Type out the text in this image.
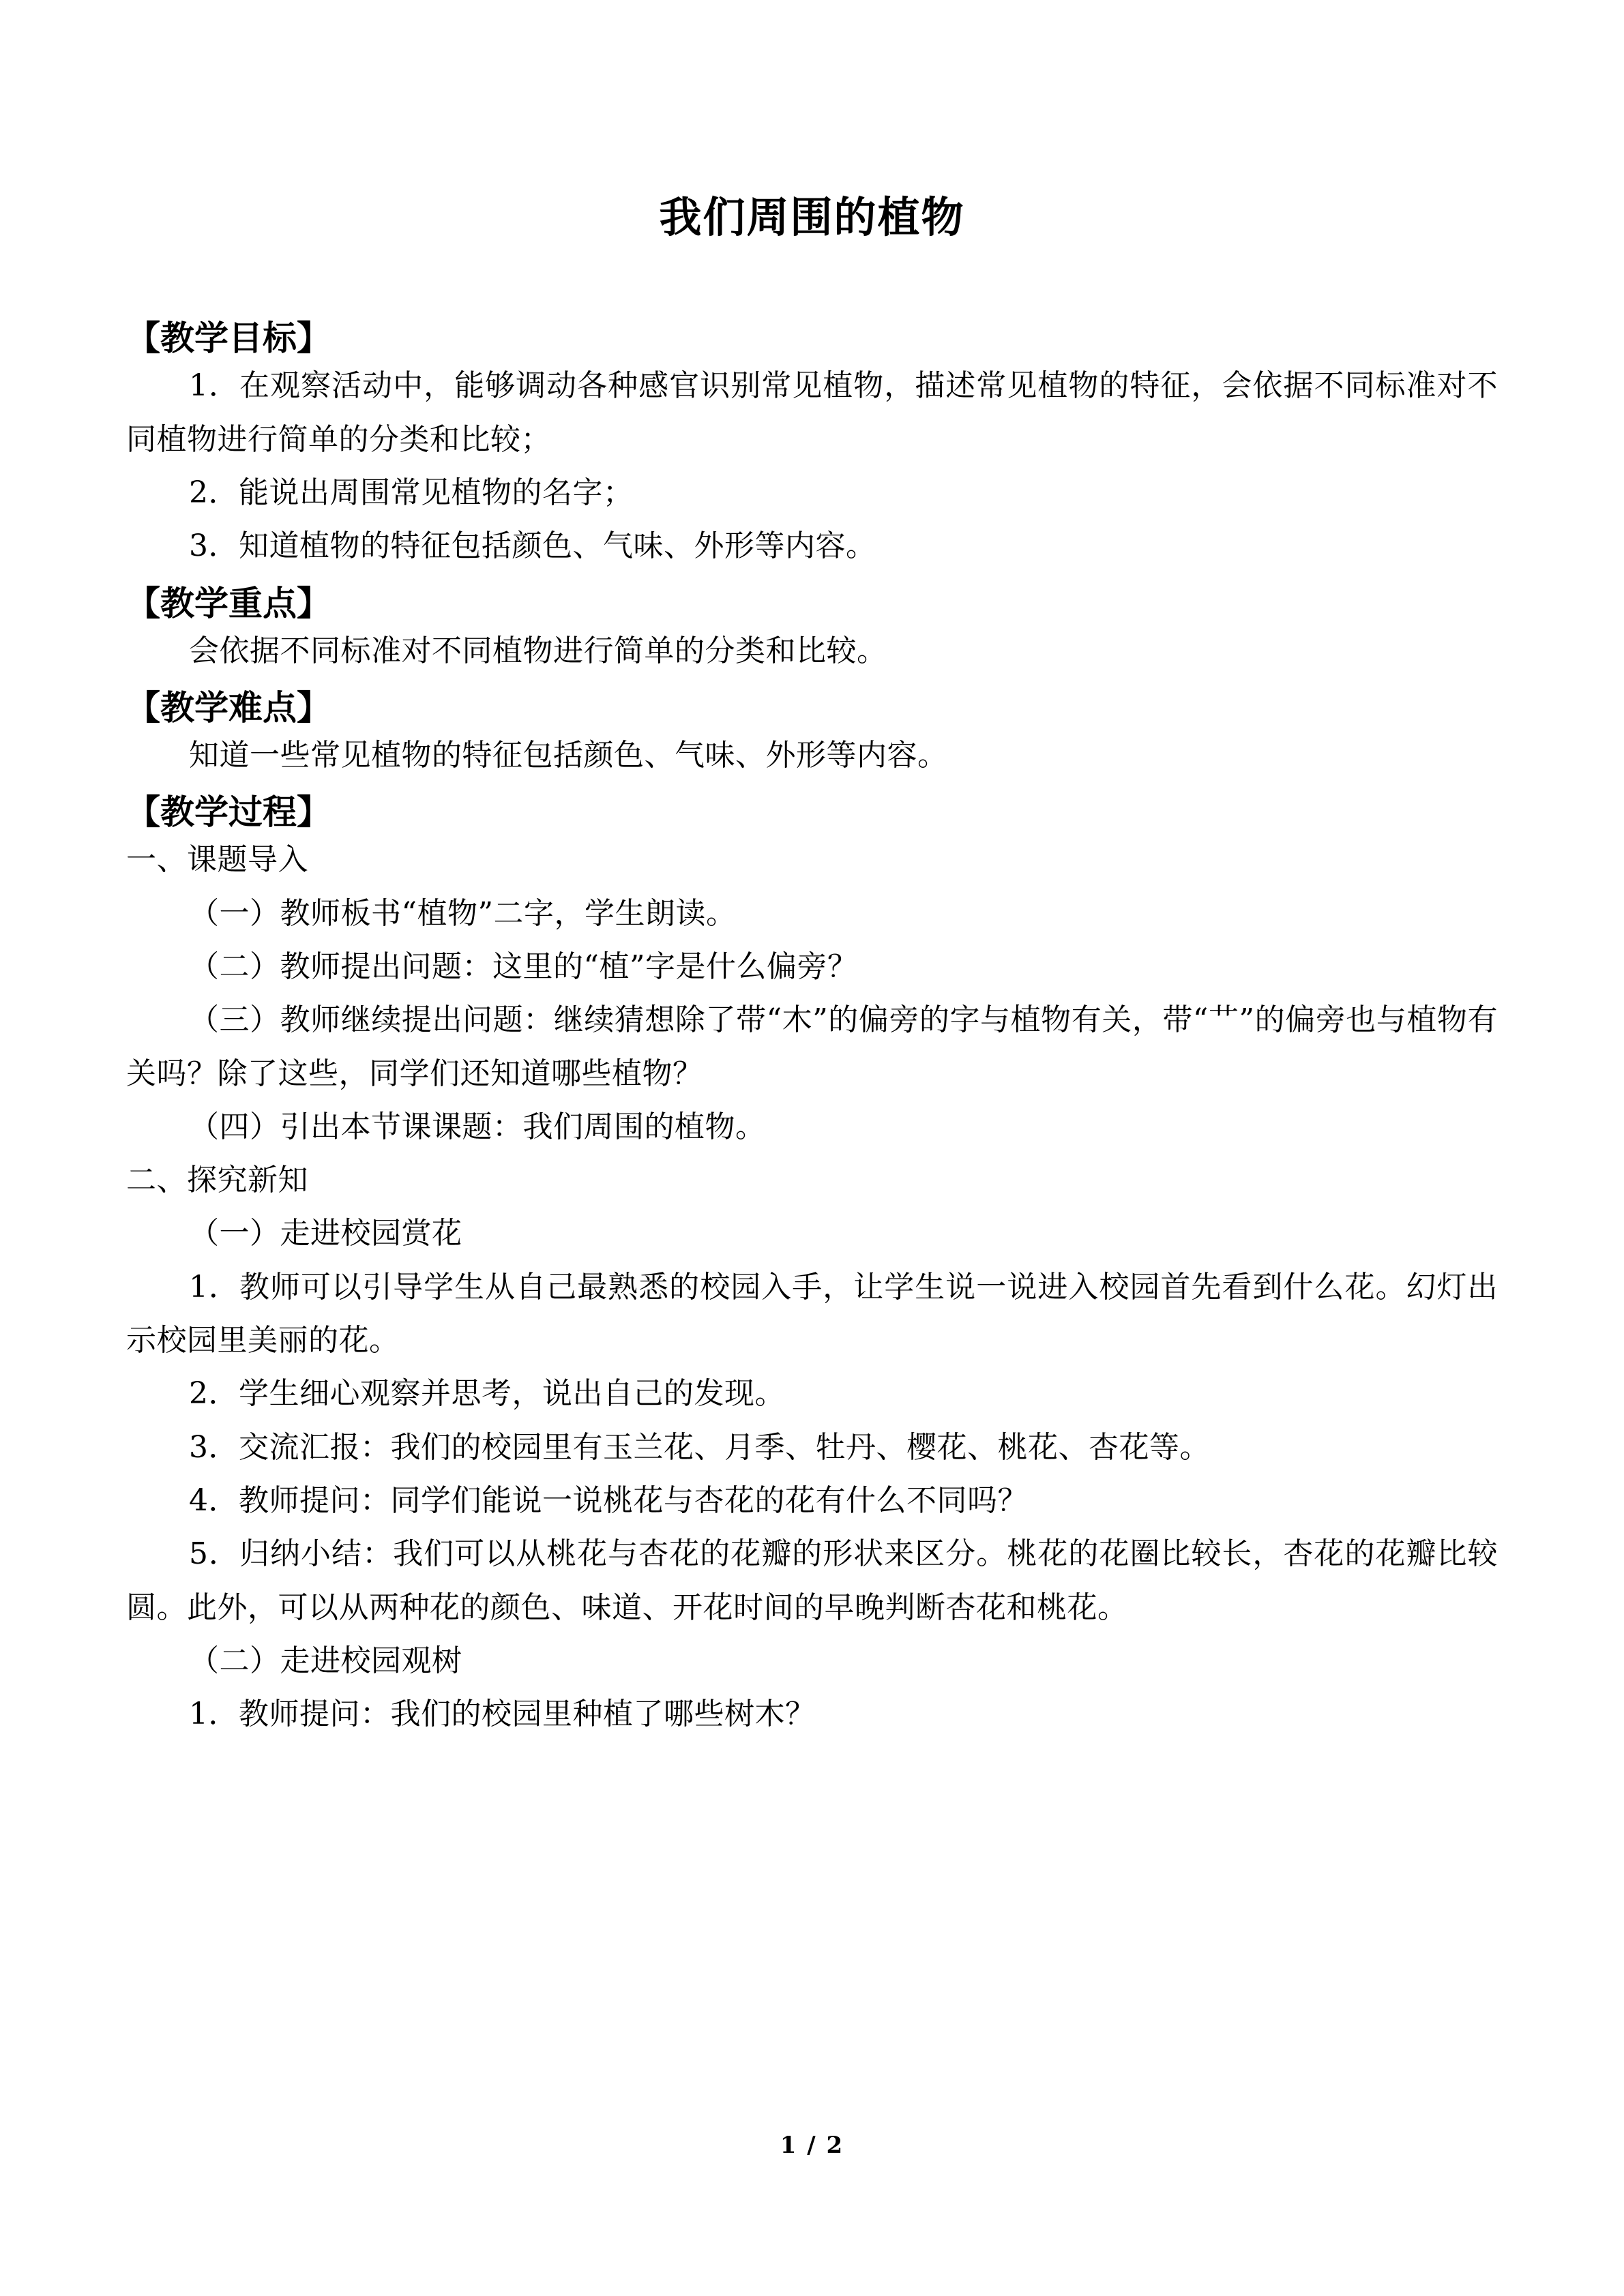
我们周围的植物
【教学目标】

1．在观察活动中，能够调动各种感官识别常见植物，描述常见植物的特征，会依据不同标准对不同植物进行简单的分类和比较；

2．能说出周围常见植物的名字；

3．知道植物的特征包括颜色、气味、外形等内容。

【教学重点】

会依据不同标准对不同植物进行简单的分类和比较。

【教学难点】

知道一些常见植物的特征包括颜色、气味、外形等内容。

【教学过程】

一、课题导入

（一）教师板书“植物”二字，学生朗读。

（二）教师提出问题：这里的“植”字是什么偏旁？

（三）教师继续提出问题：继续猜想除了带“木”的偏旁的字与植物有关，带“艹”的偏旁也与植物有关吗？除了这些，同学们还知道哪些植物？

（四）引出本节课课题：我们周围的植物。

二、探究新知

（一）走进校园赏花

1．教师可以引导学生从自己最熟悉的校园入手，让学生说一说进入校园首先看到什么花。幻灯出示校园里美丽的花。

2．学生细心观察并思考，说出自己的发现。

3．交流汇报：我们的校园里有玉兰花、月季、牡丹、樱花、桃花、杏花等。

4．教师提问：同学们能说一说桃花与杏花的花有什么不同吗？

5．归纳小结：我们可以从桃花与杏花的花瓣的形状来区分。桃花的花圈比较长，杏花的花瓣比较圆。此外，可以从两种花的颜色、味道、开花时间的早晚判断杏花和桃花。

（二）走进校园观树

1．教师提问：我们的校园里种植了哪些树木？

1 / 2
